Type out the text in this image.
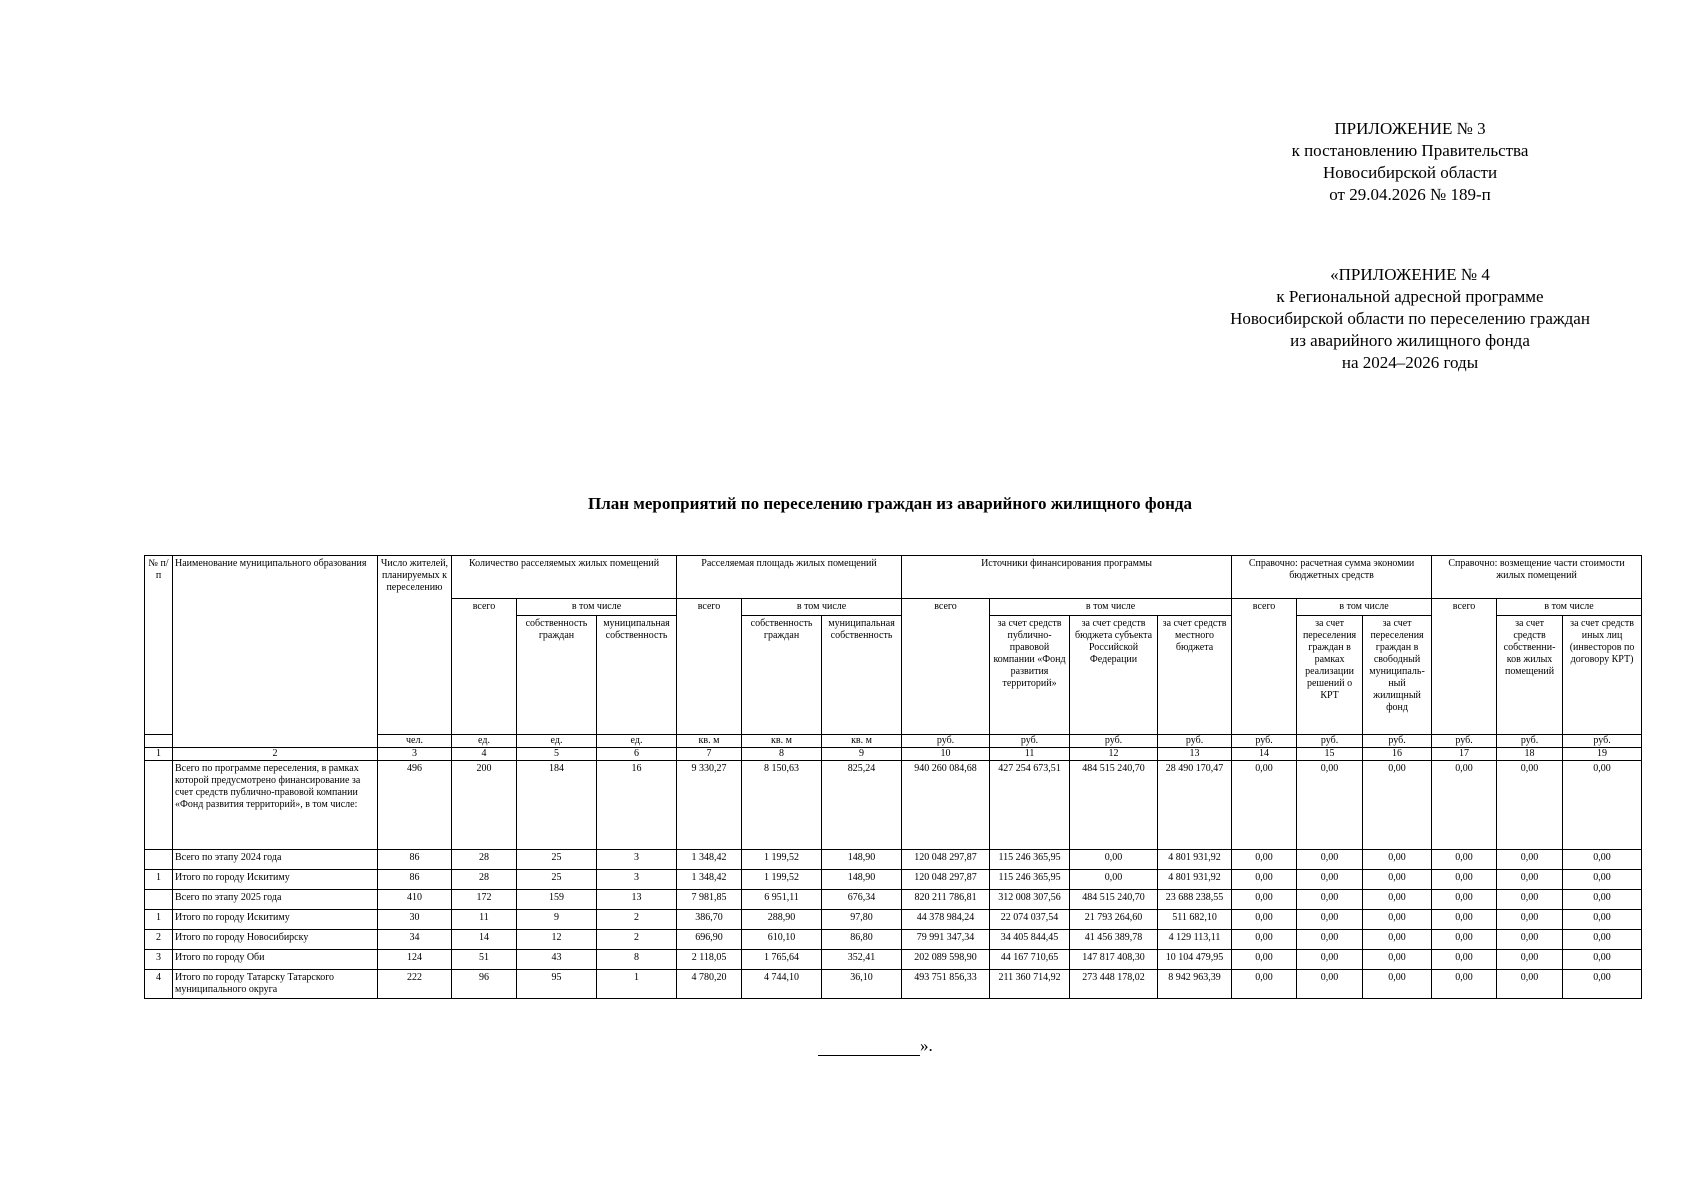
ПРИЛОЖЕНИЕ № 3
к постановлению Правительства
Новосибирской области
от 29.04.2026 № 189-п
«ПРИЛОЖЕНИЕ № 4
к Региональной адресной программе
Новосибирской области по переселению граждан
из аварийного жилищного фонда
на 2024–2026 годы
План мероприятий по переселению граждан из аварийного жилищного фонда
№ п/п	Наименование муниципального образования	Число жителей, планируемых к переселению	Количество расселяемых жилых помещений			Расселяемая площадь жилых помещений			Источники финансирования программы				Справочно: расчетная сумма экономии бюджетных средств			Справочно: возмещение части стоимости жилых помещений		
			всего	в том числе		всего	в том числе		всего	в том числе			всего	в том числе		всего	в том числе	
				собственность граждан	муниципальная собственность		собственность граждан	муниципальная собственность		за счет средств публично-правовой компании «Фонд развития территорий»	за счет средств бюджета субъекта Российской Федерации	за счет средств местного бюджета		за счет переселения граждан в рамках реализации решений о КРТ	за счет переселения граждан в свободный муниципаль-ный жилищный фонд		за счет средств собственни-ков жилых помещений	за счет средств иных лиц (инвесторов по договору КРТ)
		чел.	ед.	ед.	ед.	кв. м	кв. м	кв. м	руб.	руб.	руб.	руб.	руб.	руб.	руб.	руб.	руб.	руб.
1	2	3	4	5	6	7	8	9	10	11	12	13	14	15	16	17	18	19
	Всего по программе переселения, в рамках которой предусмотрено финансирование за счет средств публично-правовой компании «Фонд развития территорий», в том числе:	496	200	184	16	9 330,27	8 150,63	825,24	940 260 084,68	427 254 673,51	484 515 240,70	28 490 170,47	0,00	0,00	0,00	0,00	0,00	0,00
	Всего по этапу 2024 года	86	28	25	3	1 348,42	1 199,52	148,90	120 048 297,87	115 246 365,95	0,00	4 801 931,92	0,00	0,00	0,00	0,00	0,00	0,00
1	Итого по городу Искитиму	86	28	25	3	1 348,42	1 199,52	148,90	120 048 297,87	115 246 365,95	0,00	4 801 931,92	0,00	0,00	0,00	0,00	0,00	0,00
	Всего по этапу 2025 года	410	172	159	13	7 981,85	6 951,11	676,34	820 211 786,81	312 008 307,56	484 515 240,70	23 688 238,55	0,00	0,00	0,00	0,00	0,00	0,00
1	Итого по городу Искитиму	30	11	9	2	386,70	288,90	97,80	44 378 984,24	22 074 037,54	21 793 264,60	511 682,10	0,00	0,00	0,00	0,00	0,00	0,00
2	Итого по городу Новосибирску	34	14	12	2	696,90	610,10	86,80	79 991 347,34	34 405 844,45	41 456 389,78	4 129 113,11	0,00	0,00	0,00	0,00	0,00	0,00
3	Итого по городу Оби	124	51	43	8	2 118,05	1 765,64	352,41	202 089 598,90	44 167 710,65	147 817 408,30	10 104 479,95	0,00	0,00	0,00	0,00	0,00	0,00
4	Итого по городу Татарску Татарского муниципального округа	222	96	95	1	4 780,20	4 744,10	36,10	493 751 856,33	211 360 714,92	273 448 178,02	8 942 963,39	0,00	0,00	0,00	0,00	0,00	0,00
».
